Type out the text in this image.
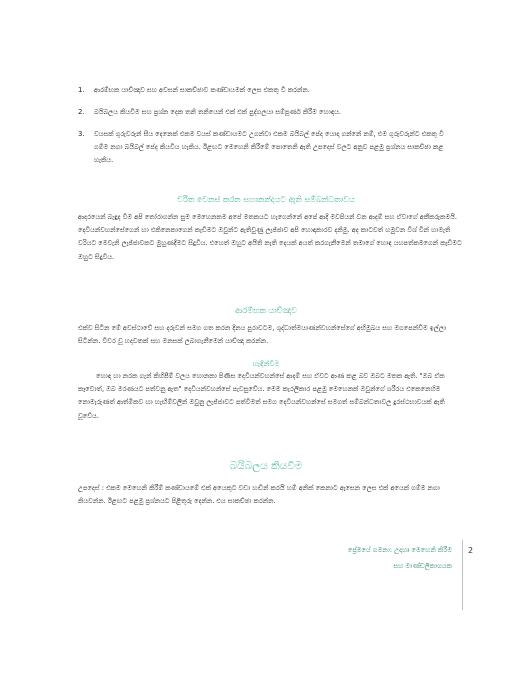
1. ආරම්භක යාච්ඤාව සහ අවසන් සාකච්ඡාව කණ්ඩායමක් ලෙස එකතු වී කරන්න.
2. බයිබලය කියවීම සහ ප්‍රශ්න දෙක තනි තනියෙන් එක් එක් පුද්ගලයා සම්පූර්ණ කිරීම හොඳය.
3. වයසක් ගුරුවරුන් සීය දෙනෙක් එකම වයස් කණ්ඩායමට උගන්වා එකම බයිබල් පේද යොදා ගන්නේ නම්, එම ගුරුවරුන්ට එකතු වී ගම්ම නගා බයිබල් පේද කියවිය හැකිය. ඊළඟට මෙහෙනි කිරීමේ පොතෙනි ඇති උපදෙස් වලට අනුව පළමු ප්‍රශ්නය සාකච්ඡා කළ හැකිය.
චරිත වෙනස් කරන සහානන්දයට ඇති සම්බන්ධතාවය

ආදරයෙන් බැඳුද වීම අපි තෝරාගන්න සුම මෙහෙනකම අපේ මතකයට හැගෙන්නේ අපේ ආදි මවපියන් වන ආදම් සහ ඒවාගේ අකීකරුකමයි. දෙවියන්වහන්සේගෙන් හා එකිනෙකාගෙන් කැඩීමට ඔවුන්ට ඇතිවුණු ලැජ්ජාව අපි හොඳාකාරව දනිමු. අද කාටවත් හමුවන විශ් වින් හාමැති වරියට මෙවැනි ලැජ්ජාවකට මුහුණදීමට සිදුවිය. එහෙත් ඔහුට අයිති නැති දෙයක් අයත් කරගැනීමෙන් තමාගේ හොඳ යහපත්කමගෙන් කැඩීමට ඔහුට සිදුවිය.

ආරම්භක යාච්ඤාව

එක්ව සිටින මේ අවස්ථාවේ සහ දරුවන් සමග ගත කරන දිනය පුරාවටම, ශුද්ධාත්මයාණන්වහන්සේගේ අභිමුඛය සහ මගපෙන්වීම ඉල්ලා සිටින්න. විවර වූ හදවතක් සහ මනසක් ලබාගැනීමෙන් යාච්ඤා කරන්න.

හැඳින්වීම

හොඳ හා නරක ගැන් කිහිපීම් වලය හොනකා පිණිස දෙවියන්වහන්සේ ආදම් සහ ඒවට ආණ කළ බව ඔබට මතක ඇති. "ඔබ ඒක කෑවොත්, ඔබ මරණයට පත්වනු ඇත" දෙවියන්වහන්සේ පැවසුවේය. මෙම කැරලිකාර පළමු මෙහෙනක් ඔවුන්ගේ ශරීරය එකෙනෙහිම නොමැරුණත් ආත්මිකව හා හැඟීම්වලින් ඔවුනු ලැජ්ජාවට පත්වීමත් සමග දෙවියන්වහන්සේ සමගත් සම්බන්ධතාවල දුරස්ථභාවයක් ඇති වූවේය.

බයිබලය කියවීම

උපදෙස් : එකම මෙහෙනි කිරීම් කණ්ඩායමේ එක් අයෙකුට වඩා හඬින් කරයි හම් අනික් කෙනාට ඇසෙන ලෙස එක් අයෙක් ගම්ම නගා කියවන්න. ඊළඟට පළමු ප්‍රශ්නයට පිළිතුරු දෙන්න. එය සාකච්ඡා කරන්න.

ප්‍රේමයේ ගමනා: උදාහෘ මෙහෙනි කිරීම
සහ මාණ්ඩලිකාගයක
2
